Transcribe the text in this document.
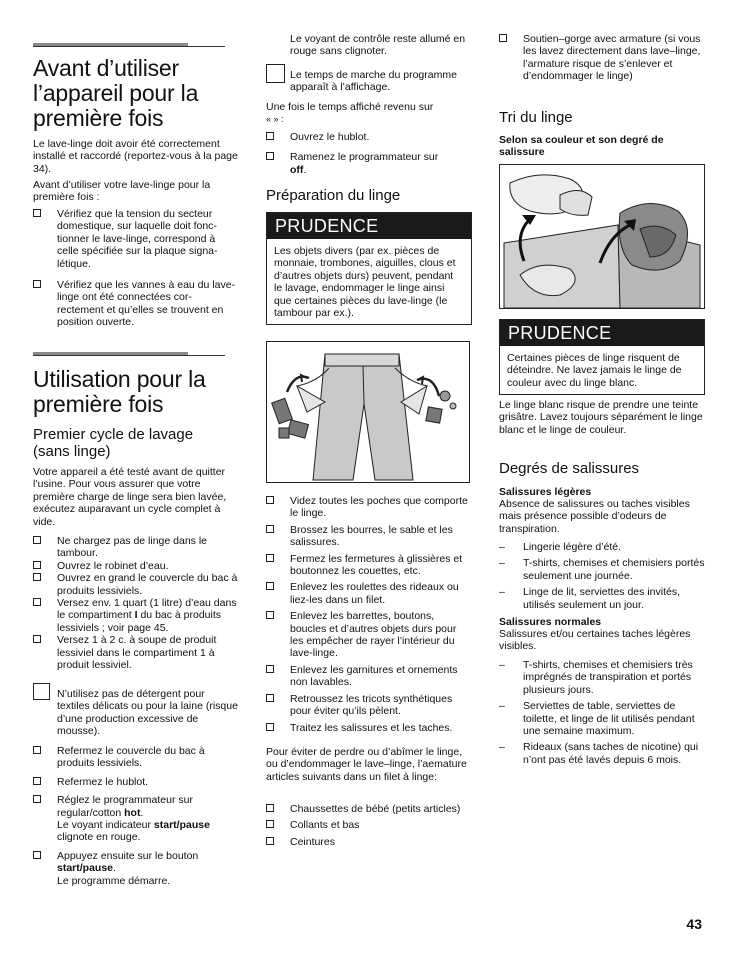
Avant d’utiliser
l’appareil pour la
première fois

Le lave-linge doit avoir été correctement installé et raccordé (reportez-vous à la page 34).

Avant d’utiliser votre lave-linge pour la première fois :

Vérifiez que la tension du secteur domestique, sur laquelle doit fonc-tionner le lave-linge, correspond à celle spécifiée sur la plaque signa-létique.
Vérifiez que les vannes à eau du lave-linge ont été connectées cor-rectement et qu’elles se trouvent en position ouverte.
Utilisation pour la
première fois
Premier cycle de lavage
(sans linge)

Votre appareil a été testé avant de quitter l’usine. Pour vous assurer que votre première charge de linge sera bien lavée, exécutez auparavant un cycle complet à vide.

Ne chargez pas de linge dans le tambour.
Ouvrez le robinet d’eau.
Ouvrez en grand le couvercle du bac à produits lessiviels.
Versez env. 1 quart (1 litre) d’eau dans le compartiment I du bac à produits lessiviels ; voir page 45.
Versez 1 à 2 c. à soupe de produit lessiviel dans le compartiment 1 à produit lessiviel.

N’utilisez pas de détergent pour textiles délicats ou pour la laine (risque d’une production excessive de mousse).

Refermez le couvercle du bac à produits lessiviels.
Refermez le hublot.
Réglez le programmateur sur regular/cotton hot.
Le voyant indicateur start/pause
clignote en rouge.
Appuyez ensuite sur le bouton
start/pause.
Le programme démarre.

Le voyant de contrôle reste allumé en rouge sans clignoter.

Le temps de marche du programme apparaît à l’affichage.

Une fois le temps affiché revenu sur
« » :

Ouvrez le hublot.
Ramenez le programmateur sur
off.
Préparation du linge
PRUDENCE
Les objets divers (par ex. pièces de monnaie, trombones, aiguilles, clous et d’autres objets durs) peuvent, pendant le lavage, endommager le linge ainsi que certaines pièces du lave-linge (le tambour par ex.).
Videz toutes les poches que comporte le linge.
Brossez les bourres, le sable et les salissures.
Fermez les fermetures à glissières et boutonnez les couettes, etc.
Enlevez les roulettes des rideaux ou liez-les dans un filet.
Enlevez les barrettes, boutons, boucles et d’autres objets durs pour les empêcher de rayer l’intérieur du lave-linge.
Enlevez les garnitures et ornements non lavables.
Retroussez les tricots synthétiques pour éviter qu’ils pèlent.
Traitez les salissures et les taches.

Pour éviter de perdre ou d’abîmer le linge, ou d’endommager le lave–linge, l’aemature articles suivants dans un filet à linge:

Chaussettes de bébé (petits articles)
Collants et bas
Ceintures
Soutien–gorge avec armature (si vous les lavez directement dans lave–linge, l’armature risque de s’enlever et d’endommager le linge)
Tri du linge

Selon sa couleur et son degré de salissure

PRUDENCE
Certaines pièces de linge risquent de déteindre. Ne lavez jamais le linge de couleur avec du linge blanc.

Le linge blanc risque de prendre une teinte grisâtre. Lavez toujours séparément le linge blanc et le linge de couleur.

Degrés de salissures

Salissures légères

Absence de salissures ou taches visibles mais présence possible d’odeurs de transpiration.

– Lingerie légère d’été.
– T-shirts, chemises et chemisiers portés seulement une journée.
– Linge de lit, serviettes des invités, utilisés seulement un jour.

Salissures normales

Salissures et/ou certaines taches légères visibles.

– T-shirts, chemises et chemisiers très imprégnés de transpiration et portés plusieurs jours.
– Serviettes de table, serviettes de toilette, et linge de lit utilisés pendant une semaine maximum.
– Rideaux (sans taches de nicotine) qui n’ont pas été lavés depuis 6 mois.
43
